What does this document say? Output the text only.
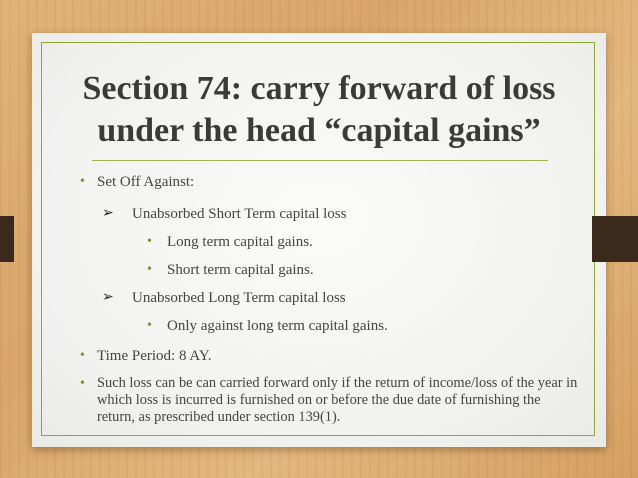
Section 74: carry forward of loss
under the head “capital gains”

• Set Off Against:

➢ Unabsorbed Short Term capital loss

• Long term capital gains.

• Short term capital gains.

➢ Unabsorbed Long Term capital loss

• Only against long term capital gains.

• Time Period: 8 AY.

• Such loss can be can carried forward only if the return of income/loss of the year in which loss is incurred is furnished on or before the due date of furnishing the return, as prescribed under section 139(1).
